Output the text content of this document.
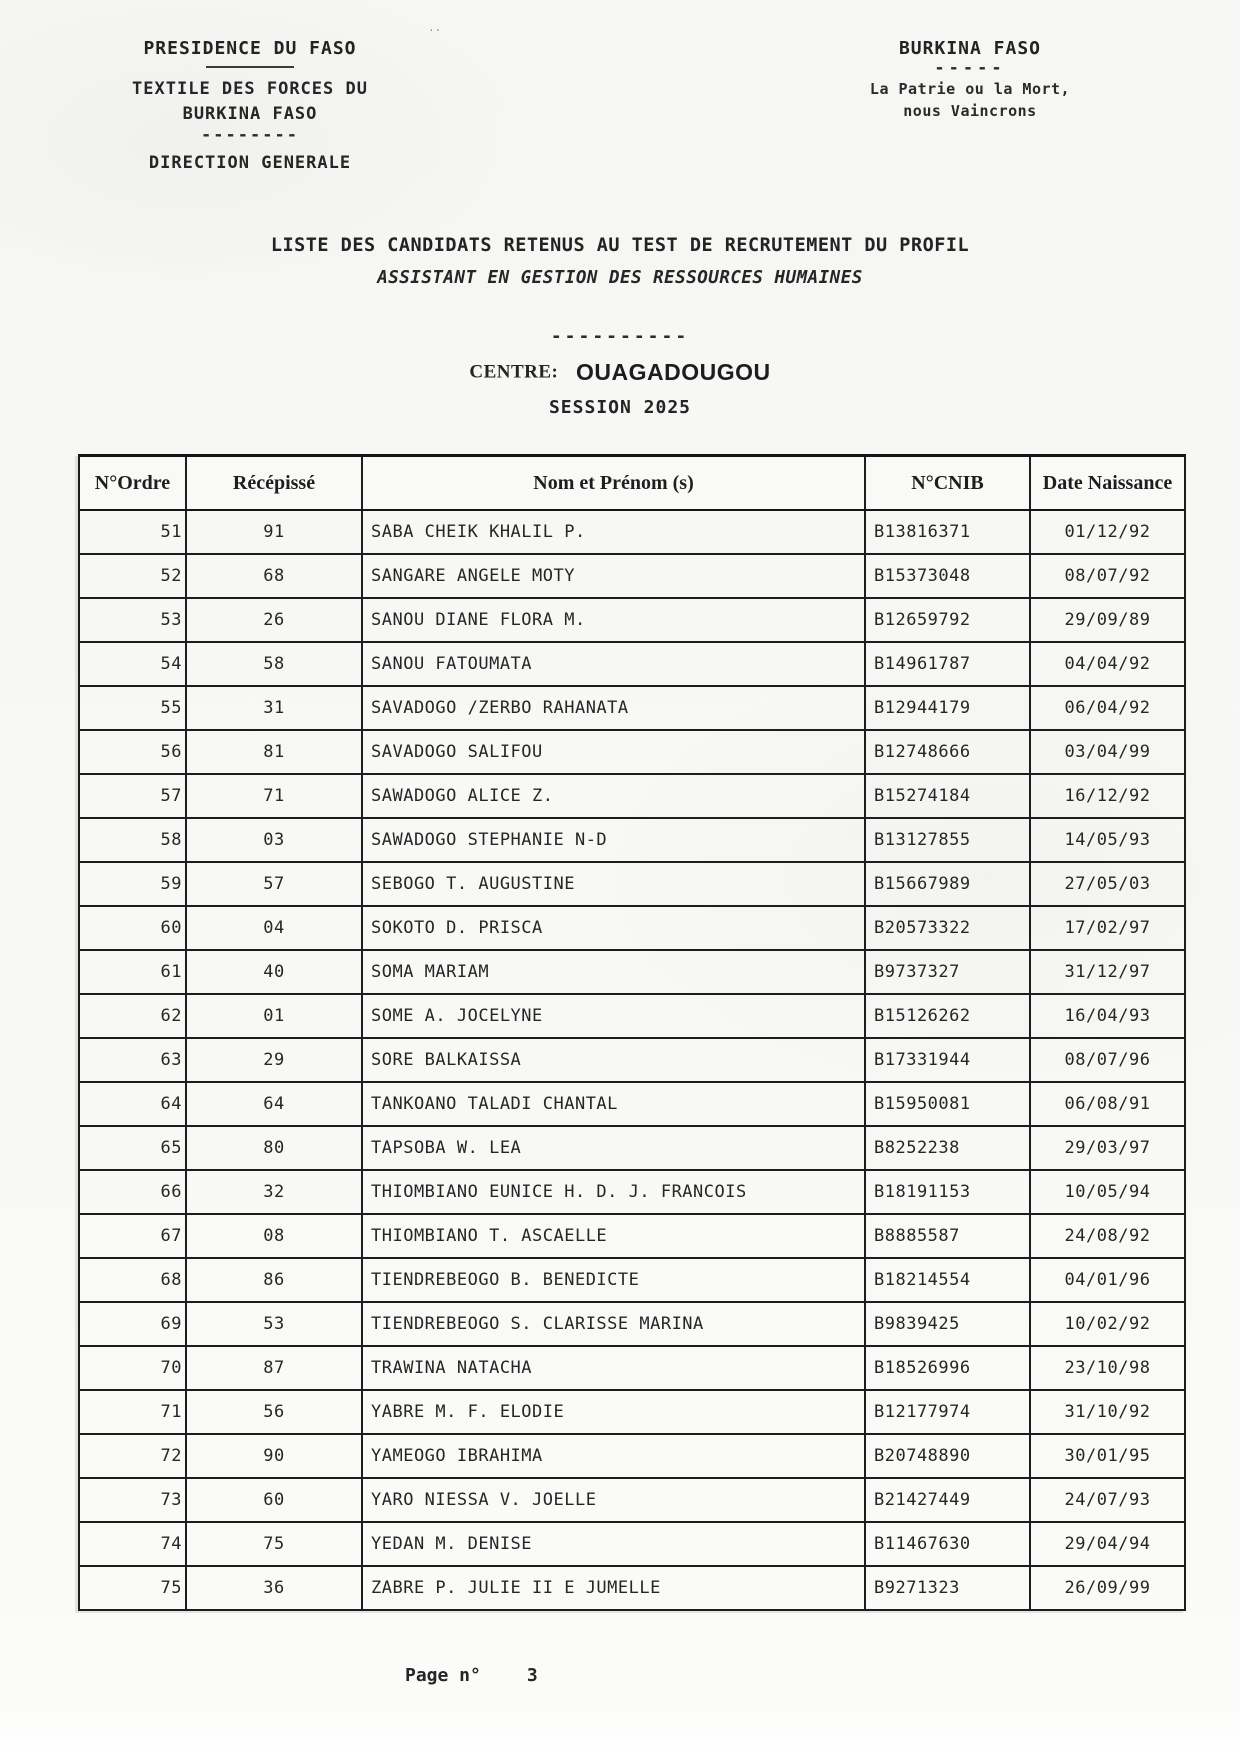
··
PRESIDENCE DU FASO
TEXTILE DES FORCES DU
BURKINA FASO
--------
DIRECTION GENERALE
BURKINA FASO
-----
La Patrie ou la Mort,
nous Vaincrons
LISTE DES CANDIDATS RETENUS AU TEST DE RECRUTEMENT DU PROFIL
ASSISTANT EN GESTION DES RESSOURCES HUMAINES
----------
CENTRE: OUAGADOUGOU
SESSION 2025
N°Ordre	Récépissé	Nom et Prénom (s)	N°CNIB	Date Naissance
51	91	SABA CHEIK KHALIL P.	B13816371	01/12/92
52	68	SANGARE ANGELE MOTY	B15373048	08/07/92
53	26	SANOU DIANE FLORA M.	B12659792	29/09/89
54	58	SANOU FATOUMATA	B14961787	04/04/92
55	31	SAVADOGO /ZERBO RAHANATA	B12944179	06/04/92
56	81	SAVADOGO SALIFOU	B12748666	03/04/99
57	71	SAWADOGO ALICE Z.	B15274184	16/12/92
58	03	SAWADOGO STEPHANIE N-D	B13127855	14/05/93
59	57	SEBOGO T. AUGUSTINE	B15667989	27/05/03
60	04	SOKOTO D. PRISCA	B20573322	17/02/97
61	40	SOMA MARIAM	B9737327	31/12/97
62	01	SOME A. JOCELYNE	B15126262	16/04/93
63	29	SORE BALKAISSA	B17331944	08/07/96
64	64	TANKOANO TALADI CHANTAL	B15950081	06/08/91
65	80	TAPSOBA W. LEA	B8252238	29/03/97
66	32	THIOMBIANO EUNICE H. D. J. FRANCOIS	B18191153	10/05/94
67	08	THIOMBIANO T. ASCAELLE	B8885587	24/08/92
68	86	TIENDREBEOGO B. BENEDICTE	B18214554	04/01/96
69	53	TIENDREBEOGO S. CLARISSE MARINA	B9839425	10/02/92
70	87	TRAWINA NATACHA	B18526996	23/10/98
71	56	YABRE M. F. ELODIE	B12177974	31/10/92
72	90	YAMEOGO IBRAHIMA	B20748890	30/01/95
73	60	YARO NIESSA V. JOELLE	B21427449	24/07/93
74	75	YEDAN M. DENISE	B11467630	29/04/94
75	36	ZABRE P. JULIE II E JUMELLE	B9271323	26/09/99
Page n°	3
